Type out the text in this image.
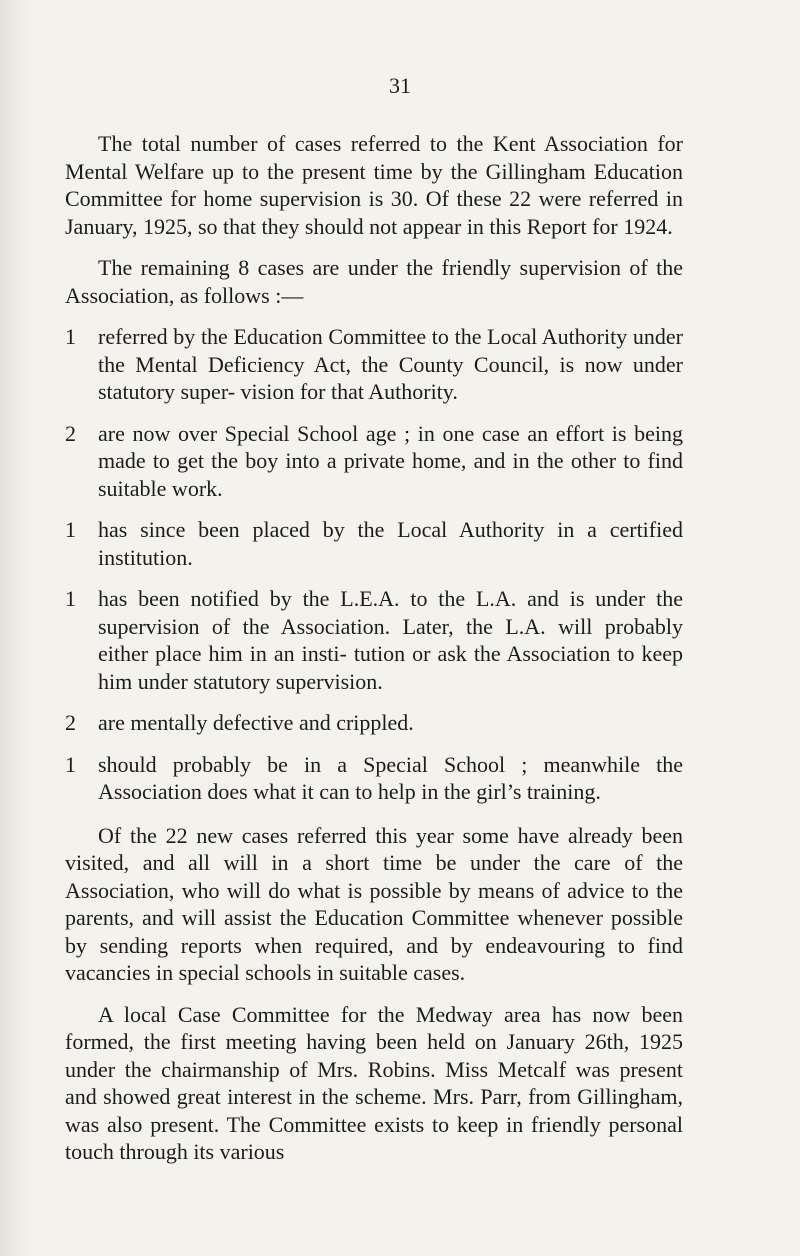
31

The total number of cases referred to the Kent Association for Mental Welfare up to the present time by the Gillingham Education Committee for home supervision is 30. Of these 22 were referred in January, 1925, so that they should not appear in this Report for 1924.

The remaining 8 cases are under the friendly supervision of the Association, as follows :—

1	referred by the Education Committee to the Local Authority under the Mental Deficiency Act, the County Council, is now under statutory super- vision for that Authority.
2	are now over Special School age ; in one case an effort is being made to get the boy into a private home, and in the other to find suitable work.
1	has since been placed by the Local Authority in a certified institution.
1	has been notified by the L.E.A. to the L.A. and is under the supervision of the Association. Later, the L.A. will probably either place him in an insti- tution or ask the Association to keep him under statutory supervision.
2	are mentally defective and crippled.
1	should probably be in a Special School ; meanwhile the Association does what it can to help in the girl’s training.

Of the 22 new cases referred this year some have already been visited, and all will in a short time be under the care of the Association, who will do what is possible by means of advice to the parents, and will assist the Education Committee whenever possible by sending reports when required, and by endeavouring to find vacancies in special schools in suitable cases.

A local Case Committee for the Medway area has now been formed, the first meeting having been held on January 26th, 1925 under the chairmanship of Mrs. Robins. Miss Metcalf was present and showed great interest in the scheme. Mrs. Parr, from Gillingham, was also present. The Committee exists to keep in friendly personal touch through its various
